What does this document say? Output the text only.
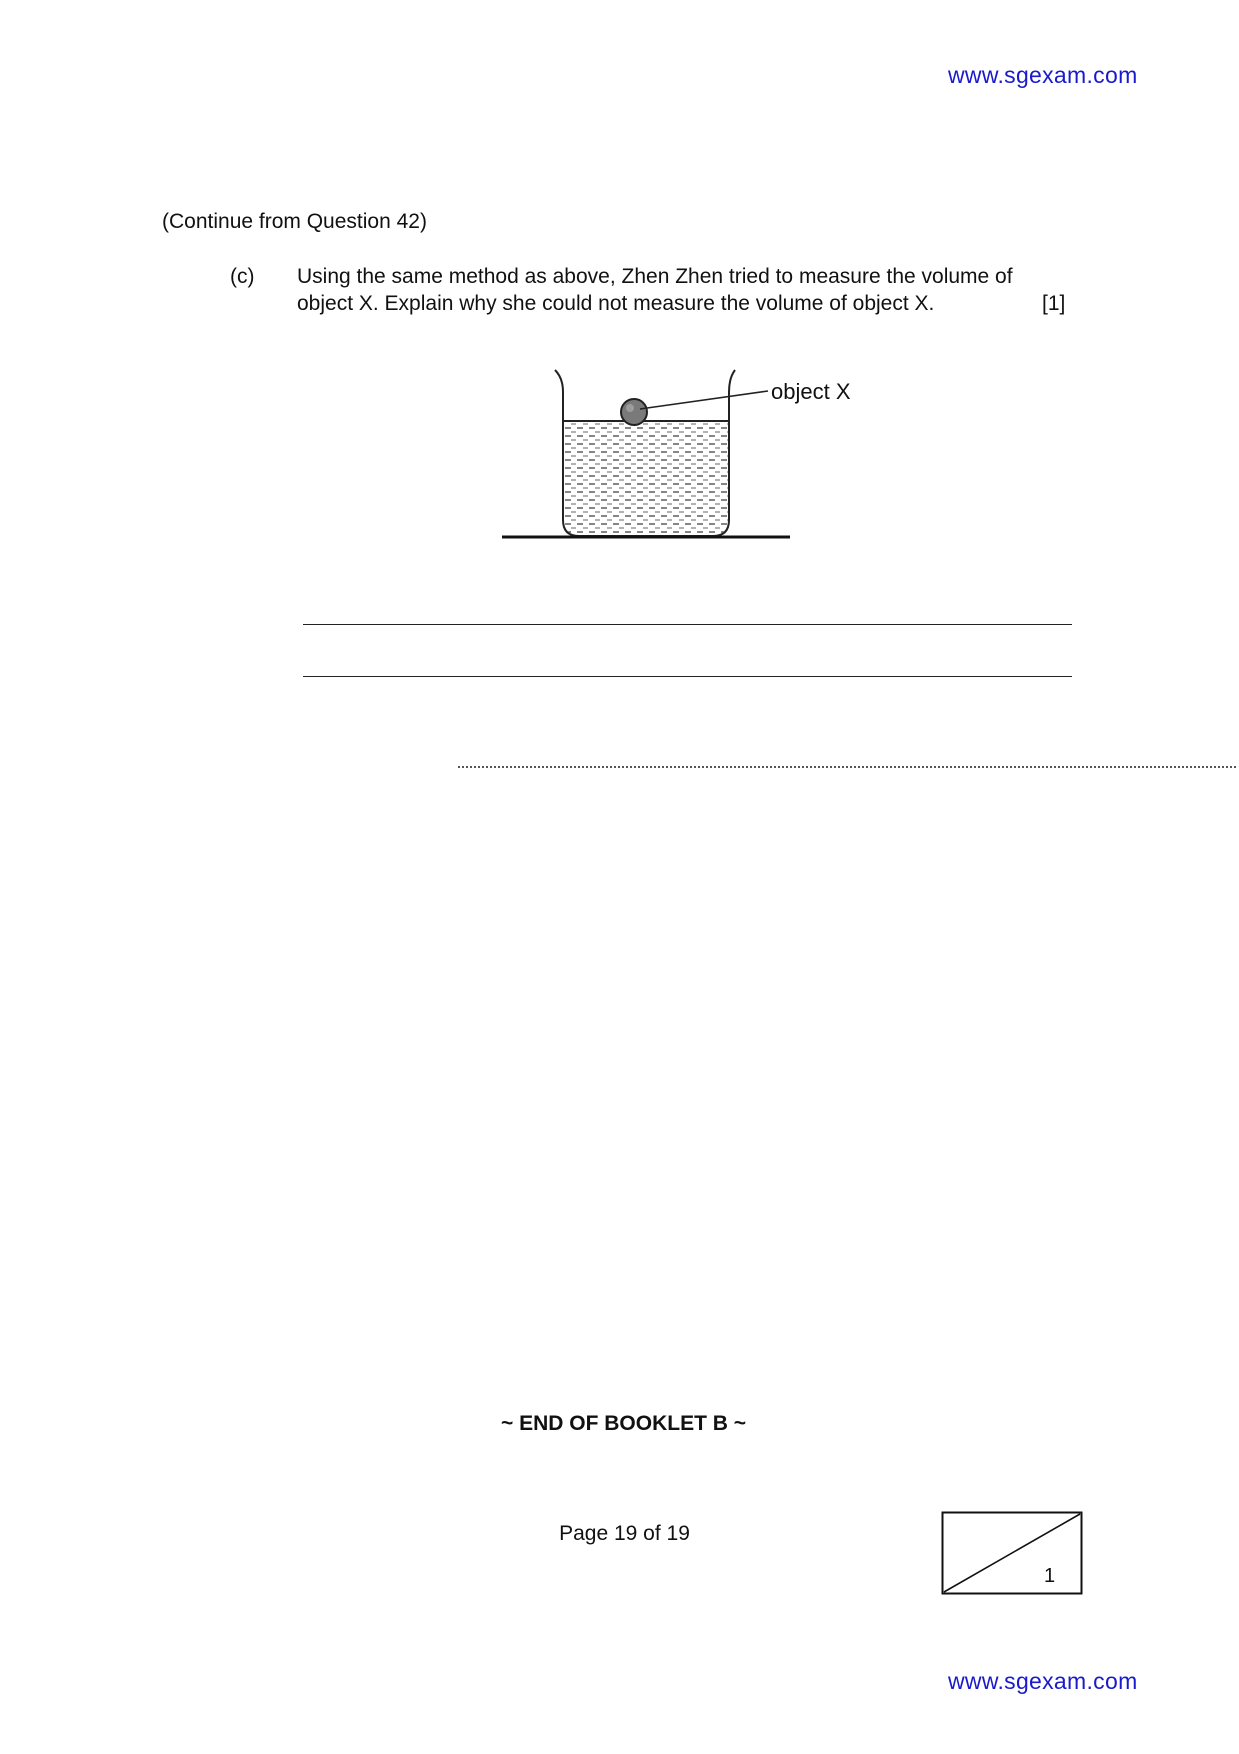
www.sgexam.com
(Continue from Question 42)
(c) Using the same method as above, Zhen Zhen tried to measure the volume of
object X. Explain why she could not measure the volume of object X.	[1]
object X
~ END OF BOOKLET B ~
Page 19 of 19
1
www.sgexam.com
